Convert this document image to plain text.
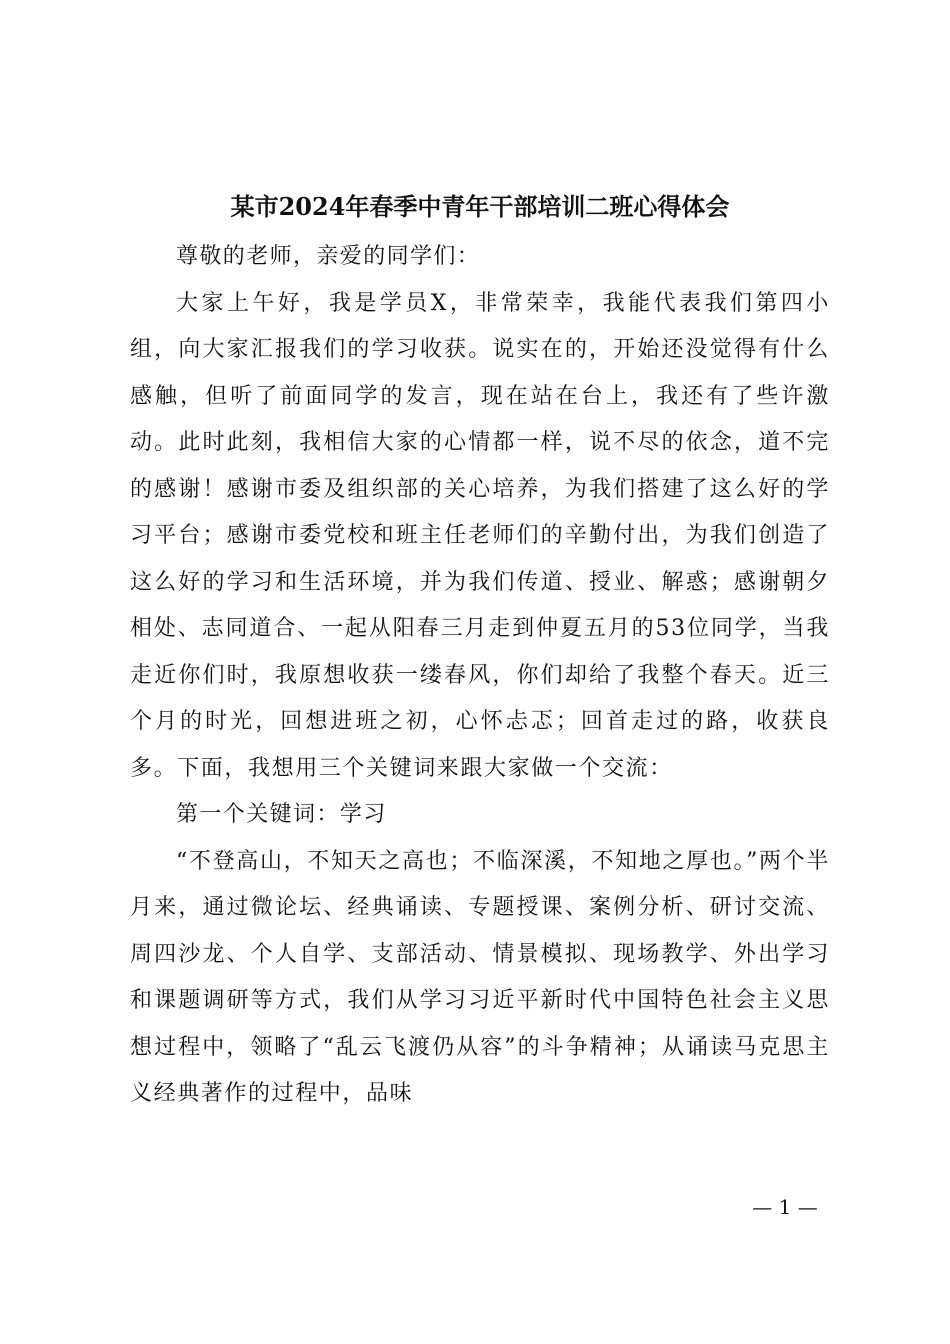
某市2024年春季中青年干部培训二班心得体会

尊敬的老师，亲爱的同学们：

大家上午好，我是学员X，非常荣幸，我能代表我们第四小组，向大家汇报我们的学习收获。说实在的，开始还没觉得有什么感触，但听了前面同学的发言，现在站在台上，我还有了些许激动。此时此刻，我相信大家的心情都一样，说不尽的依念，道不完的感谢！感谢市委及组织部的关心培养，为我们搭建了这么好的学习平台；感谢市委党校和班主任老师们的辛勤付出，为我们创造了这么好的学习和生活环境，并为我们传道、授业、解惑；感谢朝夕相处、志同道合、一起从阳春三月走到仲夏五月的53位同学，当我走近你们时，我原想收获一缕春风，你们却给了我整个春天。近三个月的时光，回想进班之初，心怀忐忑；回首走过的路，收获良多。下面，我想用三个关键词来跟大家做一个交流：

第一个关键词：学习

“不登高山，不知天之高也；不临深溪，不知地之厚也。”两个半月来，通过微论坛、经典诵读、专题授课、案例分析、研讨交流、周四沙龙、个人自学、支部活动、情景模拟、现场教学、外出学习和课题调研等方式，我们从学习习近平新时代中国特色社会主义思想过程中，领略了“乱云飞渡仍从容”的斗争精神；从诵读马克思主义经典著作的过程中，品味

— 1 —
